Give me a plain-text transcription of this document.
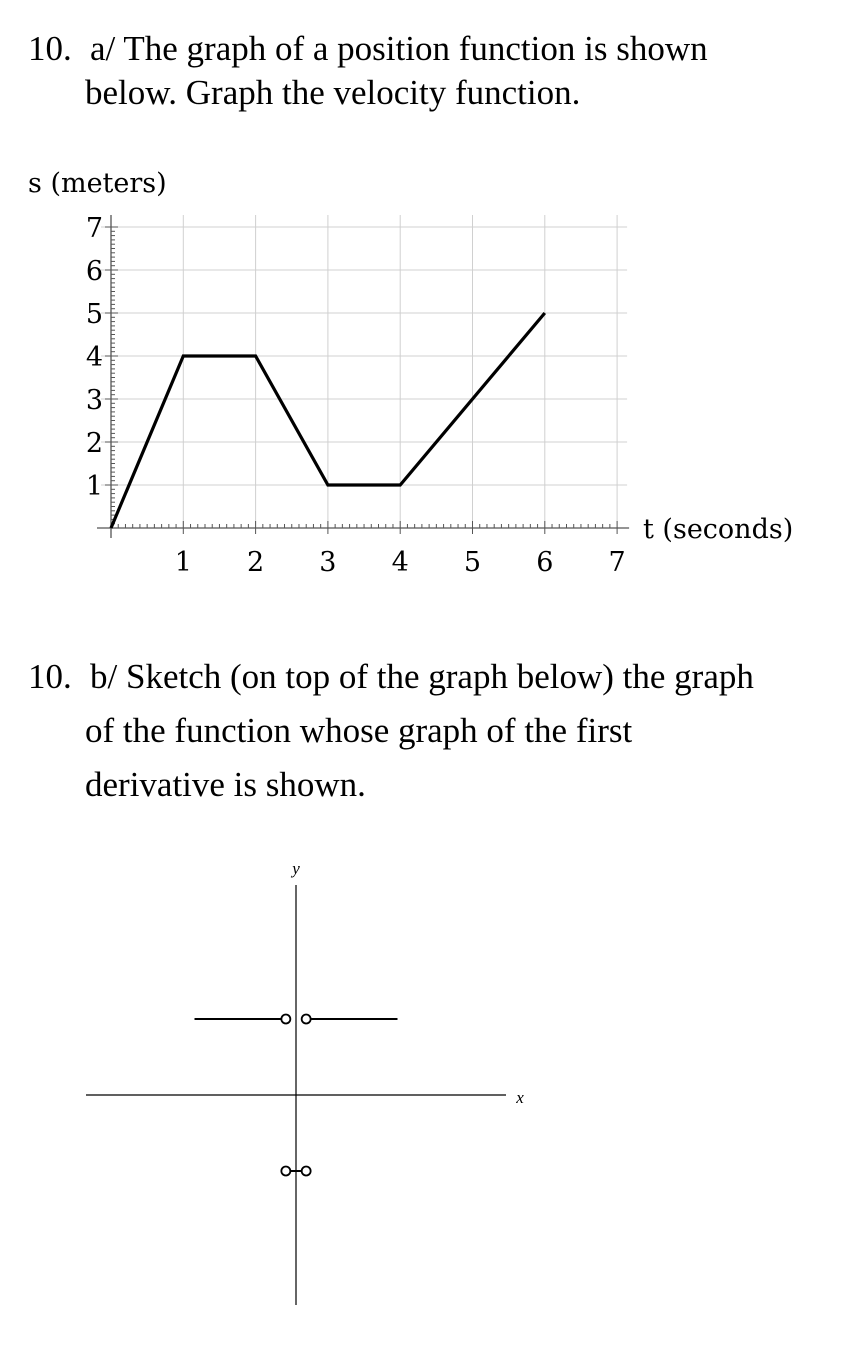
10. a/ The graph of a position function is shown
below. Graph the velocity function.
10. b/ Sketch (on top of the graph below) the graph
of the function whose graph of the first
derivative is shown.
1 2 3 4 5 6 7
1
2
3
4
5
6
7
s (meters)
t (seconds)
x
y
